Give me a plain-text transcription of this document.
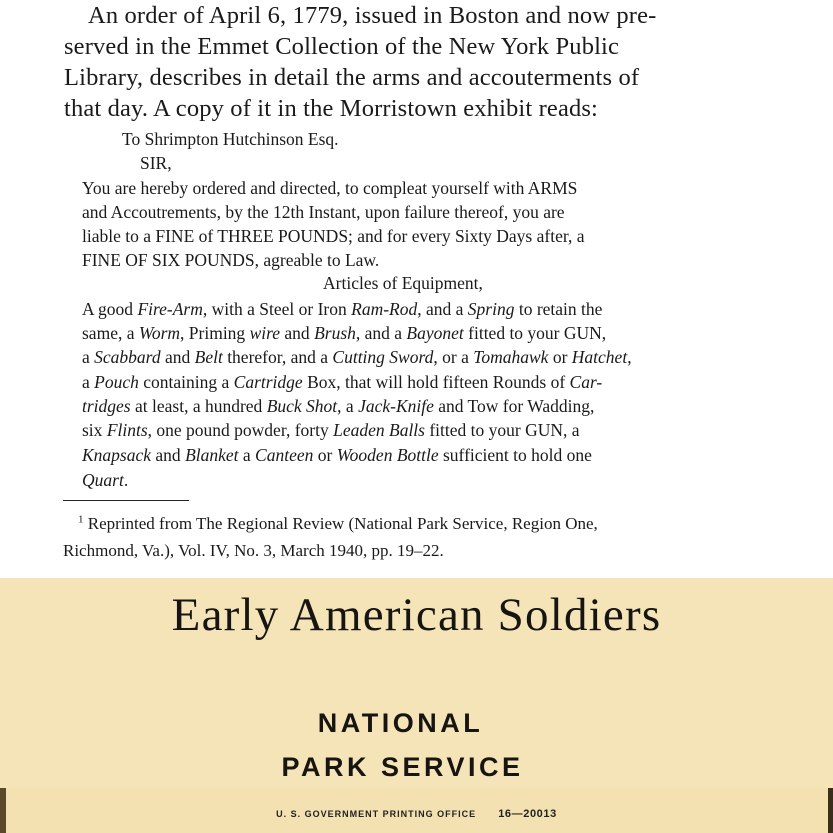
An order of April 6, 1779, issued in Boston and now pre-
served in the Emmet Collection of the New York Public
Library, describes in detail the arms and accouterments of
that day. A copy of it in the Morristown exhibit reads:
To Shrimpton Hutchinson Esq.
SIR,
You are hereby ordered and directed, to compleat yourself with ARMS
and Accoutrements, by the 12th Instant, upon failure thereof, you are
liable to a FINE of THREE POUNDS; and for every Sixty Days after, a
FINE OF SIX POUNDS, agreable to Law.
Articles of Equipment,
A good Fire-Arm, with a Steel or Iron Ram-Rod, and a Spring to retain the
same, a Worm, Priming wire and Brush, and a Bayonet fitted to your GUN,
a Scabbard and Belt therefor, and a Cutting Sword, or a Tomahawk or Hatchet,
a Pouch containing a Cartridge Box, that will hold fifteen Rounds of Car-
tridges at least, a hundred Buck Shot, a Jack-Knife and Tow for Wadding,
six Flints, one pound powder, forty Leaden Balls fitted to your GUN, a
Knapsack and Blanket a Canteen or Wooden Bottle sufficient to hold one
Quart.
$^1$ Reprinted from The Regional Review (National Park Service, Region One,
Richmond, Va.), Vol. IV, No. 3, March 1940, pp. 19–22.
Early American Soldiers
NATIONAL
PARK SERVICE
U. S. GOVERNMENT PRINTING OFFICE 16—20013
